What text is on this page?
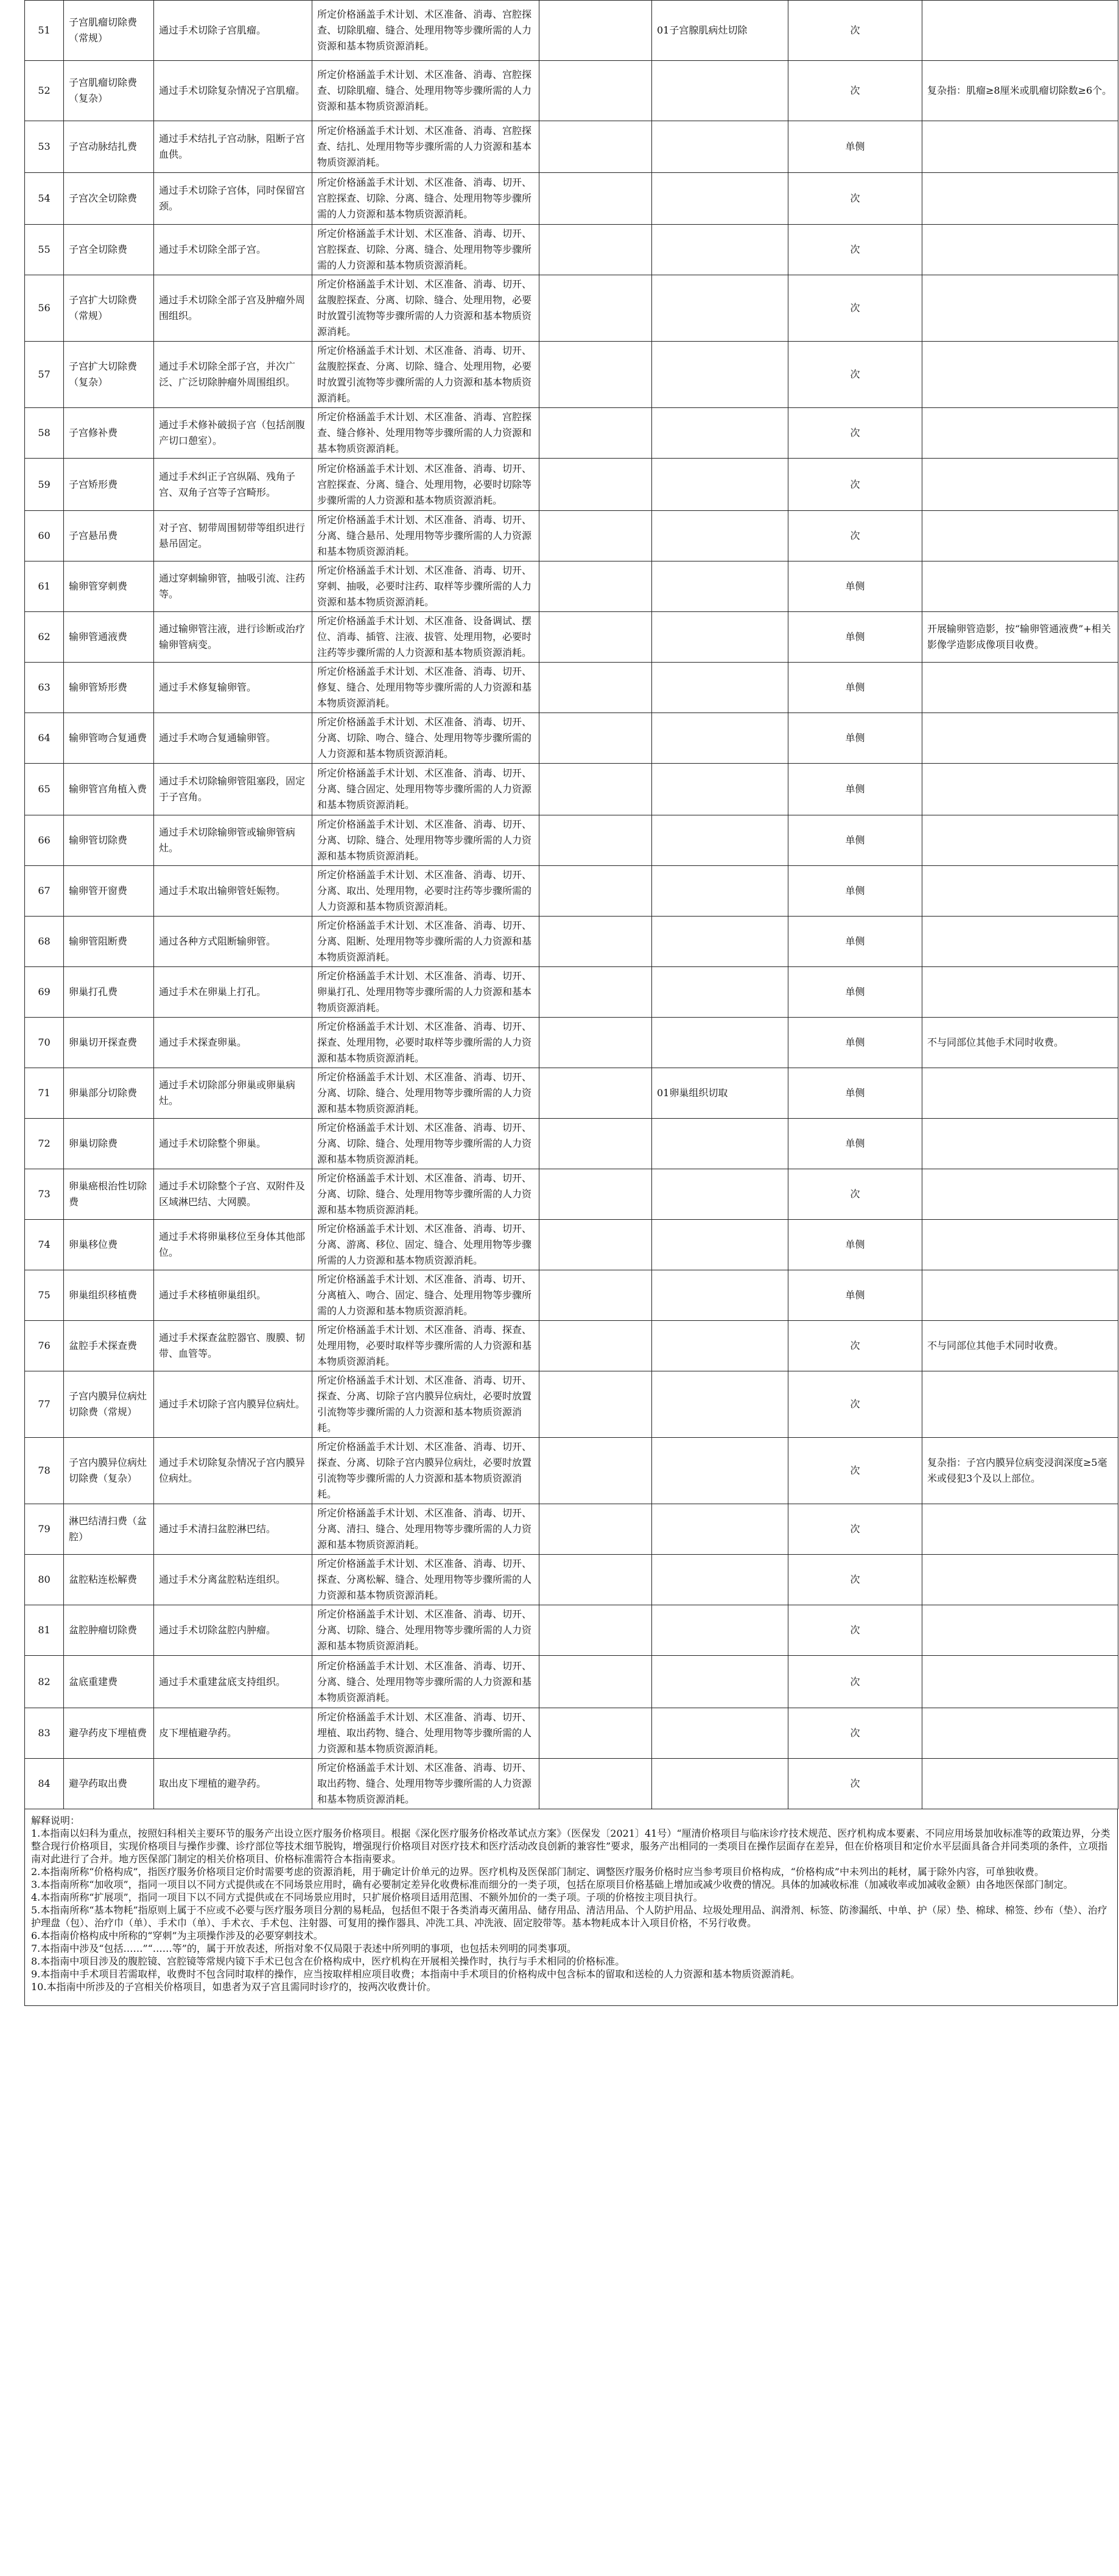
51	子宫肌瘤切除费（常规）	通过手术切除子宫肌瘤。	所定价格涵盖手术计划、术区准备、消毒、宫腔探查、切除肌瘤、缝合、处理用物等步骤所需的人力资源和基本物质资源消耗。		01子宫腺肌病灶切除	次	
52	子宫肌瘤切除费（复杂）	通过手术切除复杂情况子宫肌瘤。	所定价格涵盖手术计划、术区准备、消毒、宫腔探查、切除肌瘤、缝合、处理用物等步骤所需的人力资源和基本物质资源消耗。			次	复杂指：肌瘤≥8厘米或肌瘤切除数≥6个。
53	子宫动脉结扎费	通过手术结扎子宫动脉，阻断子宫血供。	所定价格涵盖手术计划、术区准备、消毒、宫腔探查、结扎、处理用物等步骤所需的人力资源和基本物质资源消耗。			单侧	
54	子宫次全切除费	通过手术切除子宫体，同时保留宫颈。	所定价格涵盖手术计划、术区准备、消毒、切开、宫腔探查、切除、分离、缝合、处理用物等步骤所需的人力资源和基本物质资源消耗。			次	
55	子宫全切除费	通过手术切除全部子宫。	所定价格涵盖手术计划、术区准备、消毒、切开、宫腔探查、切除、分离、缝合、处理用物等步骤所需的人力资源和基本物质资源消耗。			次	
56	子宫扩大切除费（常规）	通过手术切除全部子宫及肿瘤外周围组织。	所定价格涵盖手术计划、术区准备、消毒、切开、盆腹腔探查、分离、切除、缝合、处理用物，必要时放置引流物等步骤所需的人力资源和基本物质资源消耗。			次	
57	子宫扩大切除费（复杂）	通过手术切除全部子宫，并次广泛、广泛切除肿瘤外周围组织。	所定价格涵盖手术计划、术区准备、消毒、切开、盆腹腔探查、分离、切除、缝合、处理用物，必要时放置引流物等步骤所需的人力资源和基本物质资源消耗。			次	
58	子宫修补费	通过手术修补破损子宫（包括剖腹产切口憩室）。	所定价格涵盖手术计划、术区准备、消毒、宫腔探查、缝合修补、处理用物等步骤所需的人力资源和基本物质资源消耗。			次	
59	子宫矫形费	通过手术纠正子宫纵隔、残角子宫、双角子宫等子宫畸形。	所定价格涵盖手术计划、术区准备、消毒、切开、宫腔探查、分离、缝合、处理用物，必要时切除等步骤所需的人力资源和基本物质资源消耗。			次	
60	子宫悬吊费	对子宫、韧带周围韧带等组织进行悬吊固定。	所定价格涵盖手术计划、术区准备、消毒、切开、分离、缝合悬吊、处理用物等步骤所需的人力资源和基本物质资源消耗。			次	
61	输卵管穿刺费	通过穿刺输卵管，抽吸引流、注药等。	所定价格涵盖手术计划、术区准备、消毒、切开、穿刺、抽吸，必要时注药、取样等步骤所需的人力资源和基本物质资源消耗。			单侧	
62	输卵管通液费	通过输卵管注液，进行诊断或治疗输卵管病变。	所定价格涵盖手术计划、术区准备、设备调试、摆位、消毒、插管、注液、拔管、处理用物，必要时注药等步骤所需的人力资源和基本物质资源消耗。			单侧	开展输卵管造影，按“输卵管通液费”+相关影像学造影成像项目收费。
63	输卵管矫形费	通过手术修复输卵管。	所定价格涵盖手术计划、术区准备、消毒、切开、修复、缝合、处理用物等步骤所需的人力资源和基本物质资源消耗。			单侧	
64	输卵管吻合复通费	通过手术吻合复通输卵管。	所定价格涵盖手术计划、术区准备、消毒、切开、分离、切除、吻合、缝合、处理用物等步骤所需的人力资源和基本物质资源消耗。			单侧	
65	输卵管宫角植入费	通过手术切除输卵管阻塞段，固定于子宫角。	所定价格涵盖手术计划、术区准备、消毒、切开、分离、缝合固定、处理用物等步骤所需的人力资源和基本物质资源消耗。			单侧	
66	输卵管切除费	通过手术切除输卵管或输卵管病灶。	所定价格涵盖手术计划、术区准备、消毒、切开、分离、切除、缝合、处理用物等步骤所需的人力资源和基本物质资源消耗。			单侧	
67	输卵管开窗费	通过手术取出输卵管妊娠物。	所定价格涵盖手术计划、术区准备、消毒、切开、分离、取出、处理用物，必要时注药等步骤所需的人力资源和基本物质资源消耗。			单侧	
68	输卵管阻断费	通过各种方式阻断输卵管。	所定价格涵盖手术计划、术区准备、消毒、切开、分离、阻断、处理用物等步骤所需的人力资源和基本物质资源消耗。			单侧	
69	卵巢打孔费	通过手术在卵巢上打孔。	所定价格涵盖手术计划、术区准备、消毒、切开、卵巢打孔、处理用物等步骤所需的人力资源和基本物质资源消耗。			单侧	
70	卵巢切开探查费	通过手术探查卵巢。	所定价格涵盖手术计划、术区准备、消毒、切开、探查、处理用物，必要时取样等步骤所需的人力资源和基本物质资源消耗。			单侧	不与同部位其他手术同时收费。
71	卵巢部分切除费	通过手术切除部分卵巢或卵巢病灶。	所定价格涵盖手术计划、术区准备、消毒、切开、分离、切除、缝合、处理用物等步骤所需的人力资源和基本物质资源消耗。		01卵巢组织切取	单侧	
72	卵巢切除费	通过手术切除整个卵巢。	所定价格涵盖手术计划、术区准备、消毒、切开、分离、切除、缝合、处理用物等步骤所需的人力资源和基本物质资源消耗。			单侧	
73	卵巢癌根治性切除费	通过手术切除整个子宫、双附件及区域淋巴结、大网膜。	所定价格涵盖手术计划、术区准备、消毒、切开、分离、切除、缝合、处理用物等步骤所需的人力资源和基本物质资源消耗。			次	
74	卵巢移位费	通过手术将卵巢移位至身体其他部位。	所定价格涵盖手术计划、术区准备、消毒、切开、分离、游离、移位、固定、缝合、处理用物等步骤所需的人力资源和基本物质资源消耗。			单侧	
75	卵巢组织移植费	通过手术移植卵巢组织。	所定价格涵盖手术计划、术区准备、消毒、切开、分离植入、吻合、固定、缝合、处理用物等步骤所需的人力资源和基本物质资源消耗。			单侧	
76	盆腔手术探查费	通过手术探查盆腔器官、腹膜、韧带、血管等。	所定价格涵盖手术计划、术区准备、消毒、探查、处理用物，必要时取样等步骤所需的人力资源和基本物质资源消耗。			次	不与同部位其他手术同时收费。
77	子宫内膜异位病灶切除费（常规）	通过手术切除子宫内膜异位病灶。	所定价格涵盖手术计划、术区准备、消毒、切开、探查、分离、切除子宫内膜异位病灶，必要时放置引流物等步骤所需的人力资源和基本物质资源消耗。			次	
78	子宫内膜异位病灶切除费（复杂）	通过手术切除复杂情况子宫内膜异位病灶。	所定价格涵盖手术计划、术区准备、消毒、切开、探查、分离、切除子宫内膜异位病灶，必要时放置引流物等步骤所需的人力资源和基本物质资源消耗。			次	复杂指：子宫内膜异位病变浸润深度≥5毫米或侵犯3个及以上部位。
79	淋巴结清扫费（盆腔）	通过手术清扫盆腔淋巴结。	所定价格涵盖手术计划、术区准备、消毒、切开、分离、清扫、缝合、处理用物等步骤所需的人力资源和基本物质资源消耗。			次	
80	盆腔粘连松解费	通过手术分离盆腔粘连组织。	所定价格涵盖手术计划、术区准备、消毒、切开、探查、分离松解、缝合、处理用物等步骤所需的人力资源和基本物质资源消耗。			次	
81	盆腔肿瘤切除费	通过手术切除盆腔内肿瘤。	所定价格涵盖手术计划、术区准备、消毒、切开、分离、切除、缝合、处理用物等步骤所需的人力资源和基本物质资源消耗。			次	
82	盆底重建费	通过手术重建盆底支持组织。	所定价格涵盖手术计划、术区准备、消毒、切开、分离、缝合、处理用物等步骤所需的人力资源和基本物质资源消耗。			次	
83	避孕药皮下埋植费	皮下埋植避孕药。	所定价格涵盖手术计划、术区准备、消毒、切开、埋植、取出药物、缝合、处理用物等步骤所需的人力资源和基本物质资源消耗。			次	
84	避孕药取出费	取出皮下埋植的避孕药。	所定价格涵盖手术计划、术区准备、消毒、切开、取出药物、缝合、处理用物等步骤所需的人力资源和基本物质资源消耗。			次	

解释说明：

1.本指南以妇科为重点，按照妇科相关主要环节的服务产出设立医疗服务价格项目。根据《深化医疗服务价格改革试点方案》（医保发〔2021〕41号）“厘清价格项目与临床诊疗技术规范、医疗机构成本要素、不同应用场景加收标准等的政策边界，分类整合现行价格项目，实现价格项目与操作步骤、诊疗部位等技术细节脱钩，增强现行价格项目对医疗技术和医疗活动改良创新的兼容性”要求，服务产出相同的一类项目在操作层面存在差异，但在价格项目和定价水平层面具备合并同类项的条件，立项指南对此进行了合并。地方医保部门制定的相关价格项目、价格标准需符合本指南要求。

2.本指南所称“价格构成”，指医疗服务价格项目定价时需要考虑的资源消耗，用于确定计价单元的边界。医疗机构及医保部门制定、调整医疗服务价格时应当参考项目价格构成，“价格构成”中未列出的耗材，属于除外内容，可单独收费。

3.本指南所称“加收项”，指同一项目以不同方式提供或在不同场景应用时，确有必要制定差异化收费标准而细分的一类子项，包括在原项目价格基础上增加或减少收费的情况。具体的加减收标准（加减收率或加减收金额）由各地医保部门制定。

4.本指南所称“扩展项”，指同一项目下以不同方式提供或在不同场景应用时，只扩展价格项目适用范围、不额外加价的一类子项。子项的价格按主项目执行。

5.本指南所称“基本物耗”指原则上属于不应或不必要与医疗服务项目分割的易耗品，包括但不限于各类消毒灭菌用品、储存用品、清洁用品、个人防护用品、垃圾处理用品、润滑剂、标签、防渗漏纸、中单、护（尿）垫、棉球、棉签、纱布（垫）、治疗护理盘（包）、治疗巾（单）、手术巾（单）、手术衣、手术包、注射器、可复用的操作器具、冲洗工具、冲洗液、固定胶带等。基本物耗成本计入项目价格，不另行收费。

6.本指南价格构成中所称的“穿刺”为主项操作涉及的必要穿刺技术。

7.本指南中涉及“包括……”“……等”的，属于开放表述，所指对象不仅局限于表述中所列明的事项，也包括未列明的同类事项。

8.本指南中项目涉及的腹腔镜、宫腔镜等常规内镜下手术已包含在价格构成中，医疗机构在开展相关操作时，执行与手术相同的价格标准。

9.本指南中手术项目若需取样，收费时不包含同时取样的操作，应当按取样相应项目收费；本指南中手术项目的价格构成中包含标本的留取和送检的人力资源和基本物质资源消耗。

10.本指南中所涉及的子宫相关价格项目，如患者为双子宫且需同时诊疗的，按两次收费计价。
